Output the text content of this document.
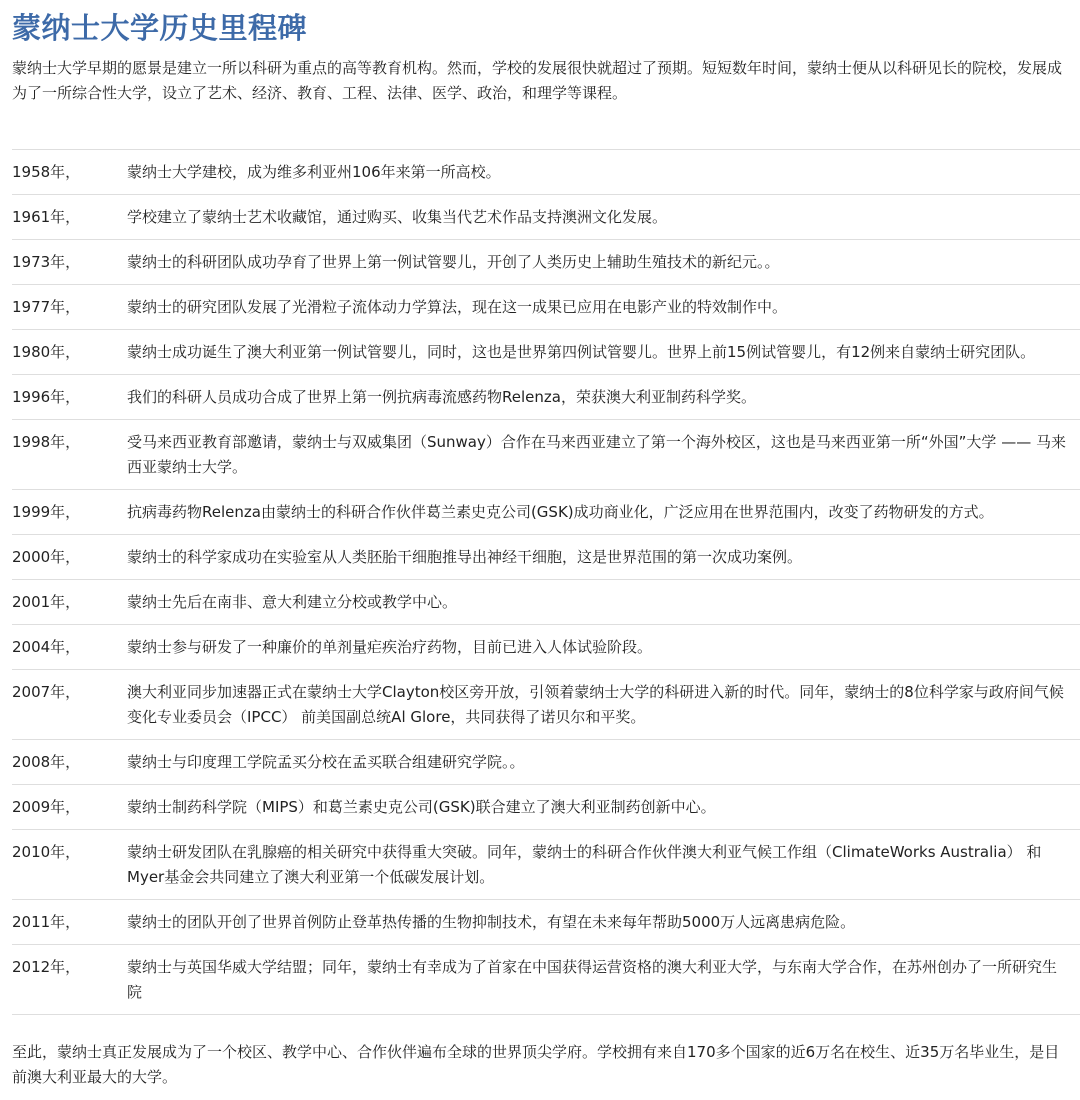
蒙纳士大学历史里程碑

蒙纳士大学早期的愿景是建立一所以科研为重点的高等教育机构。然而，学校的发展很快就超过了预期。短短数年时间，蒙纳士便从以科研见长的院校，发展成为了一所综合性大学，设立了艺术、经济、教育、工程、法律、医学、政治，和理学等课程。

1958年，	蒙纳士大学建校，成为维多利亚州106年来第一所高校。
1961年，	学校建立了蒙纳士艺术收藏馆，通过购买、收集当代艺术作品支持澳洲文化发展。
1973年，	蒙纳士的科研团队成功孕育了世界上第一例试管婴儿，开创了人类历史上辅助生殖技术的新纪元。。
1977年，	蒙纳士的研究团队发展了光滑粒子流体动力学算法，现在这一成果已应用在电影产业的特效制作中。
1980年，	蒙纳士成功诞生了澳大利亚第一例试管婴儿，同时，这也是世界第四例试管婴儿。世界上前15例试管婴儿，有12例来自蒙纳士研究团队。
1996年，	我们的科研人员成功合成了世界上第一例抗病毒流感药物Relenza，荣获澳大利亚制药科学奖。
1998年，	受马来西亚教育部邀请，蒙纳士与双威集团（Sunway）合作在马来西亚建立了第一个海外校区，这也是马来西亚第一所“外国”大学 —— 马来西亚蒙纳士大学。
1999年，	抗病毒药物Relenza由蒙纳士的科研合作伙伴葛兰素史克公司(GSK)成功商业化，广泛应用在世界范围内，改变了药物研发的方式。
2000年，	蒙纳士的科学家成功在实验室从人类胚胎干细胞推导出神经干细胞，这是世界范围的第一次成功案例。
2001年，	蒙纳士先后在南非、意大利建立分校或教学中心。
2004年，	蒙纳士参与研发了一种廉价的单剂量疟疾治疗药物，目前已进入人体试验阶段。
2007年，	澳大利亚同步加速器正式在蒙纳士大学Clayton校区旁开放，引领着蒙纳士大学的科研进入新的时代。同年，蒙纳士的8位科学家与政府间气候变化专业委员会（IPCC） 前美国副总统Al Glore，共同获得了诺贝尔和平奖。
2008年，	蒙纳士与印度理工学院孟买分校在孟买联合组建研究学院。。
2009年，	蒙纳士制药科学院（MIPS）和葛兰素史克公司(GSK)联合建立了澳大利亚制药创新中心。
2010年，	蒙纳士研发团队在乳腺癌的相关研究中获得重大突破。同年，蒙纳士的科研合作伙伴澳大利亚气候工作组（ClimateWorks Australia） 和Myer基金会共同建立了澳大利亚第一个低碳发展计划。
2011年，	蒙纳士的团队开创了世界首例防止登革热传播的生物抑制技术，有望在未来每年帮助5000万人远离患病危险。
2012年，	蒙纳士与英国华威大学结盟；同年，蒙纳士有幸成为了首家在中国获得运营资格的澳大利亚大学，与东南大学合作，在苏州创办了一所研究生院

至此，蒙纳士真正发展成为了一个校区、教学中心、合作伙伴遍布全球的世界顶尖学府。学校拥有来自170多个国家的近6万名在校生、近35万名毕业生，是目前澳大利亚最大的大学。
